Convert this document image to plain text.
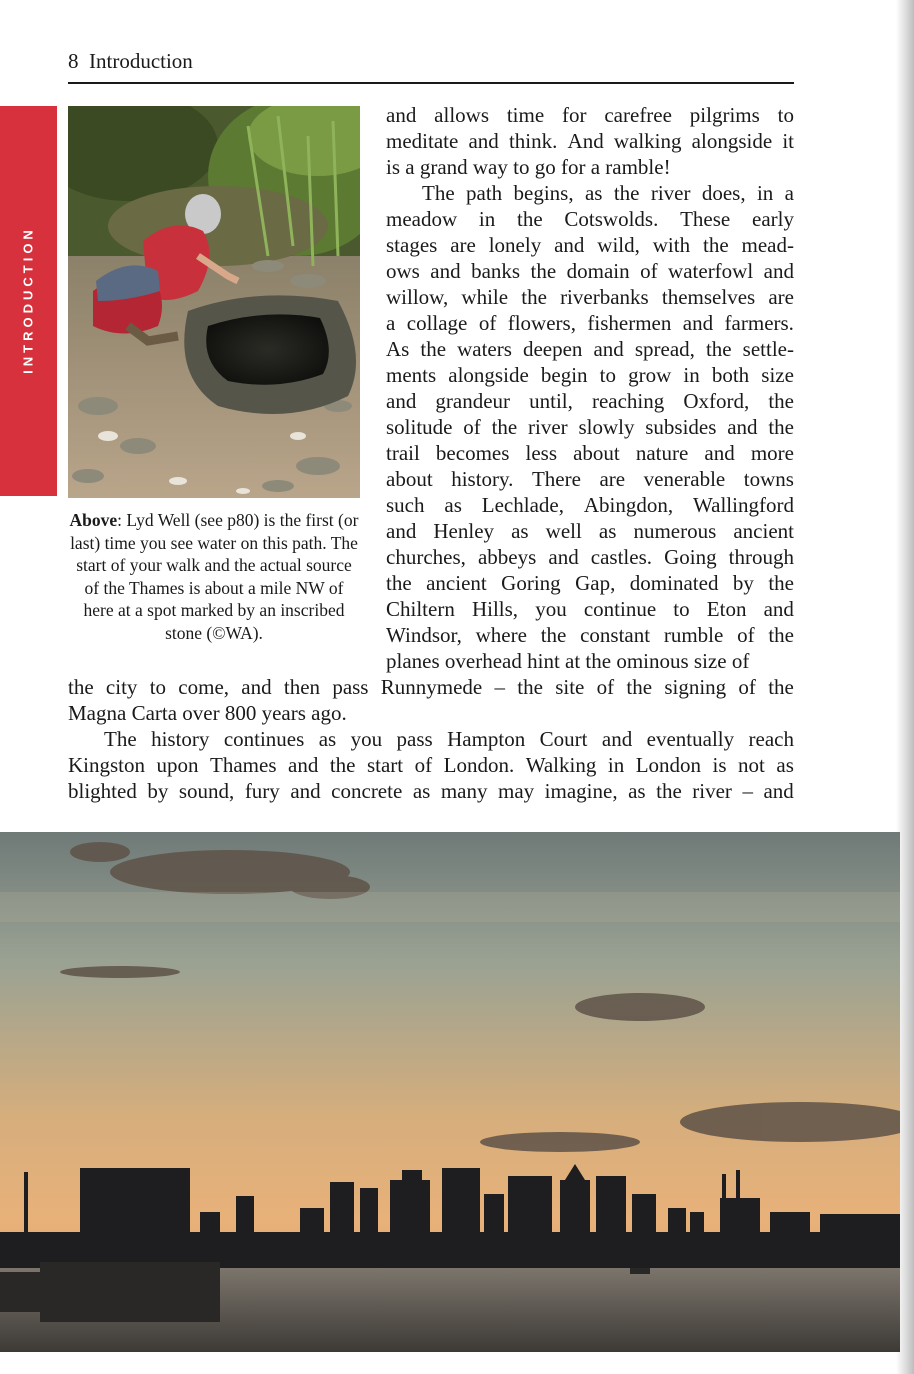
8 Introduction
INTRODUCTION
Above: Lyd Well (see p80) is the first (or last) time you see water on this path. The start of your walk and the actual source of the Thames is about a mile NW of here at a spot marked by an inscribed stone (©WA).
and allows time for carefree pilgrims to
meditate and think. And walking alongside it
is a grand way to go for a ramble!
The path begins, as the river does, in a
meadow in the Cotswolds. These early
stages are lonely and wild, with the mead-
ows and banks the domain of waterfowl and
willow, while the riverbanks themselves are
a collage of flowers, fishermen and farmers.
As the waters deepen and spread, the settle-
ments alongside begin to grow in both size
and grandeur until, reaching Oxford, the
solitude of the river slowly subsides and the
trail becomes less about nature and more
about history. There are venerable towns
such as Lechlade, Abingdon, Wallingford
and Henley as well as numerous ancient
churches, abbeys and castles. Going through
the ancient Goring Gap, dominated by the
Chiltern Hills, you continue to Eton and
Windsor, where the constant rumble of the
planes overhead hint at the ominous size of
the city to come, and then pass Runnymede – the site of the signing of the
Magna Carta over 800 years ago.
The history continues as you pass Hampton Court and eventually reach
Kingston upon Thames and the start of London. Walking in London is not as
blighted by sound, fury and concrete as many may imagine, as the river – and
